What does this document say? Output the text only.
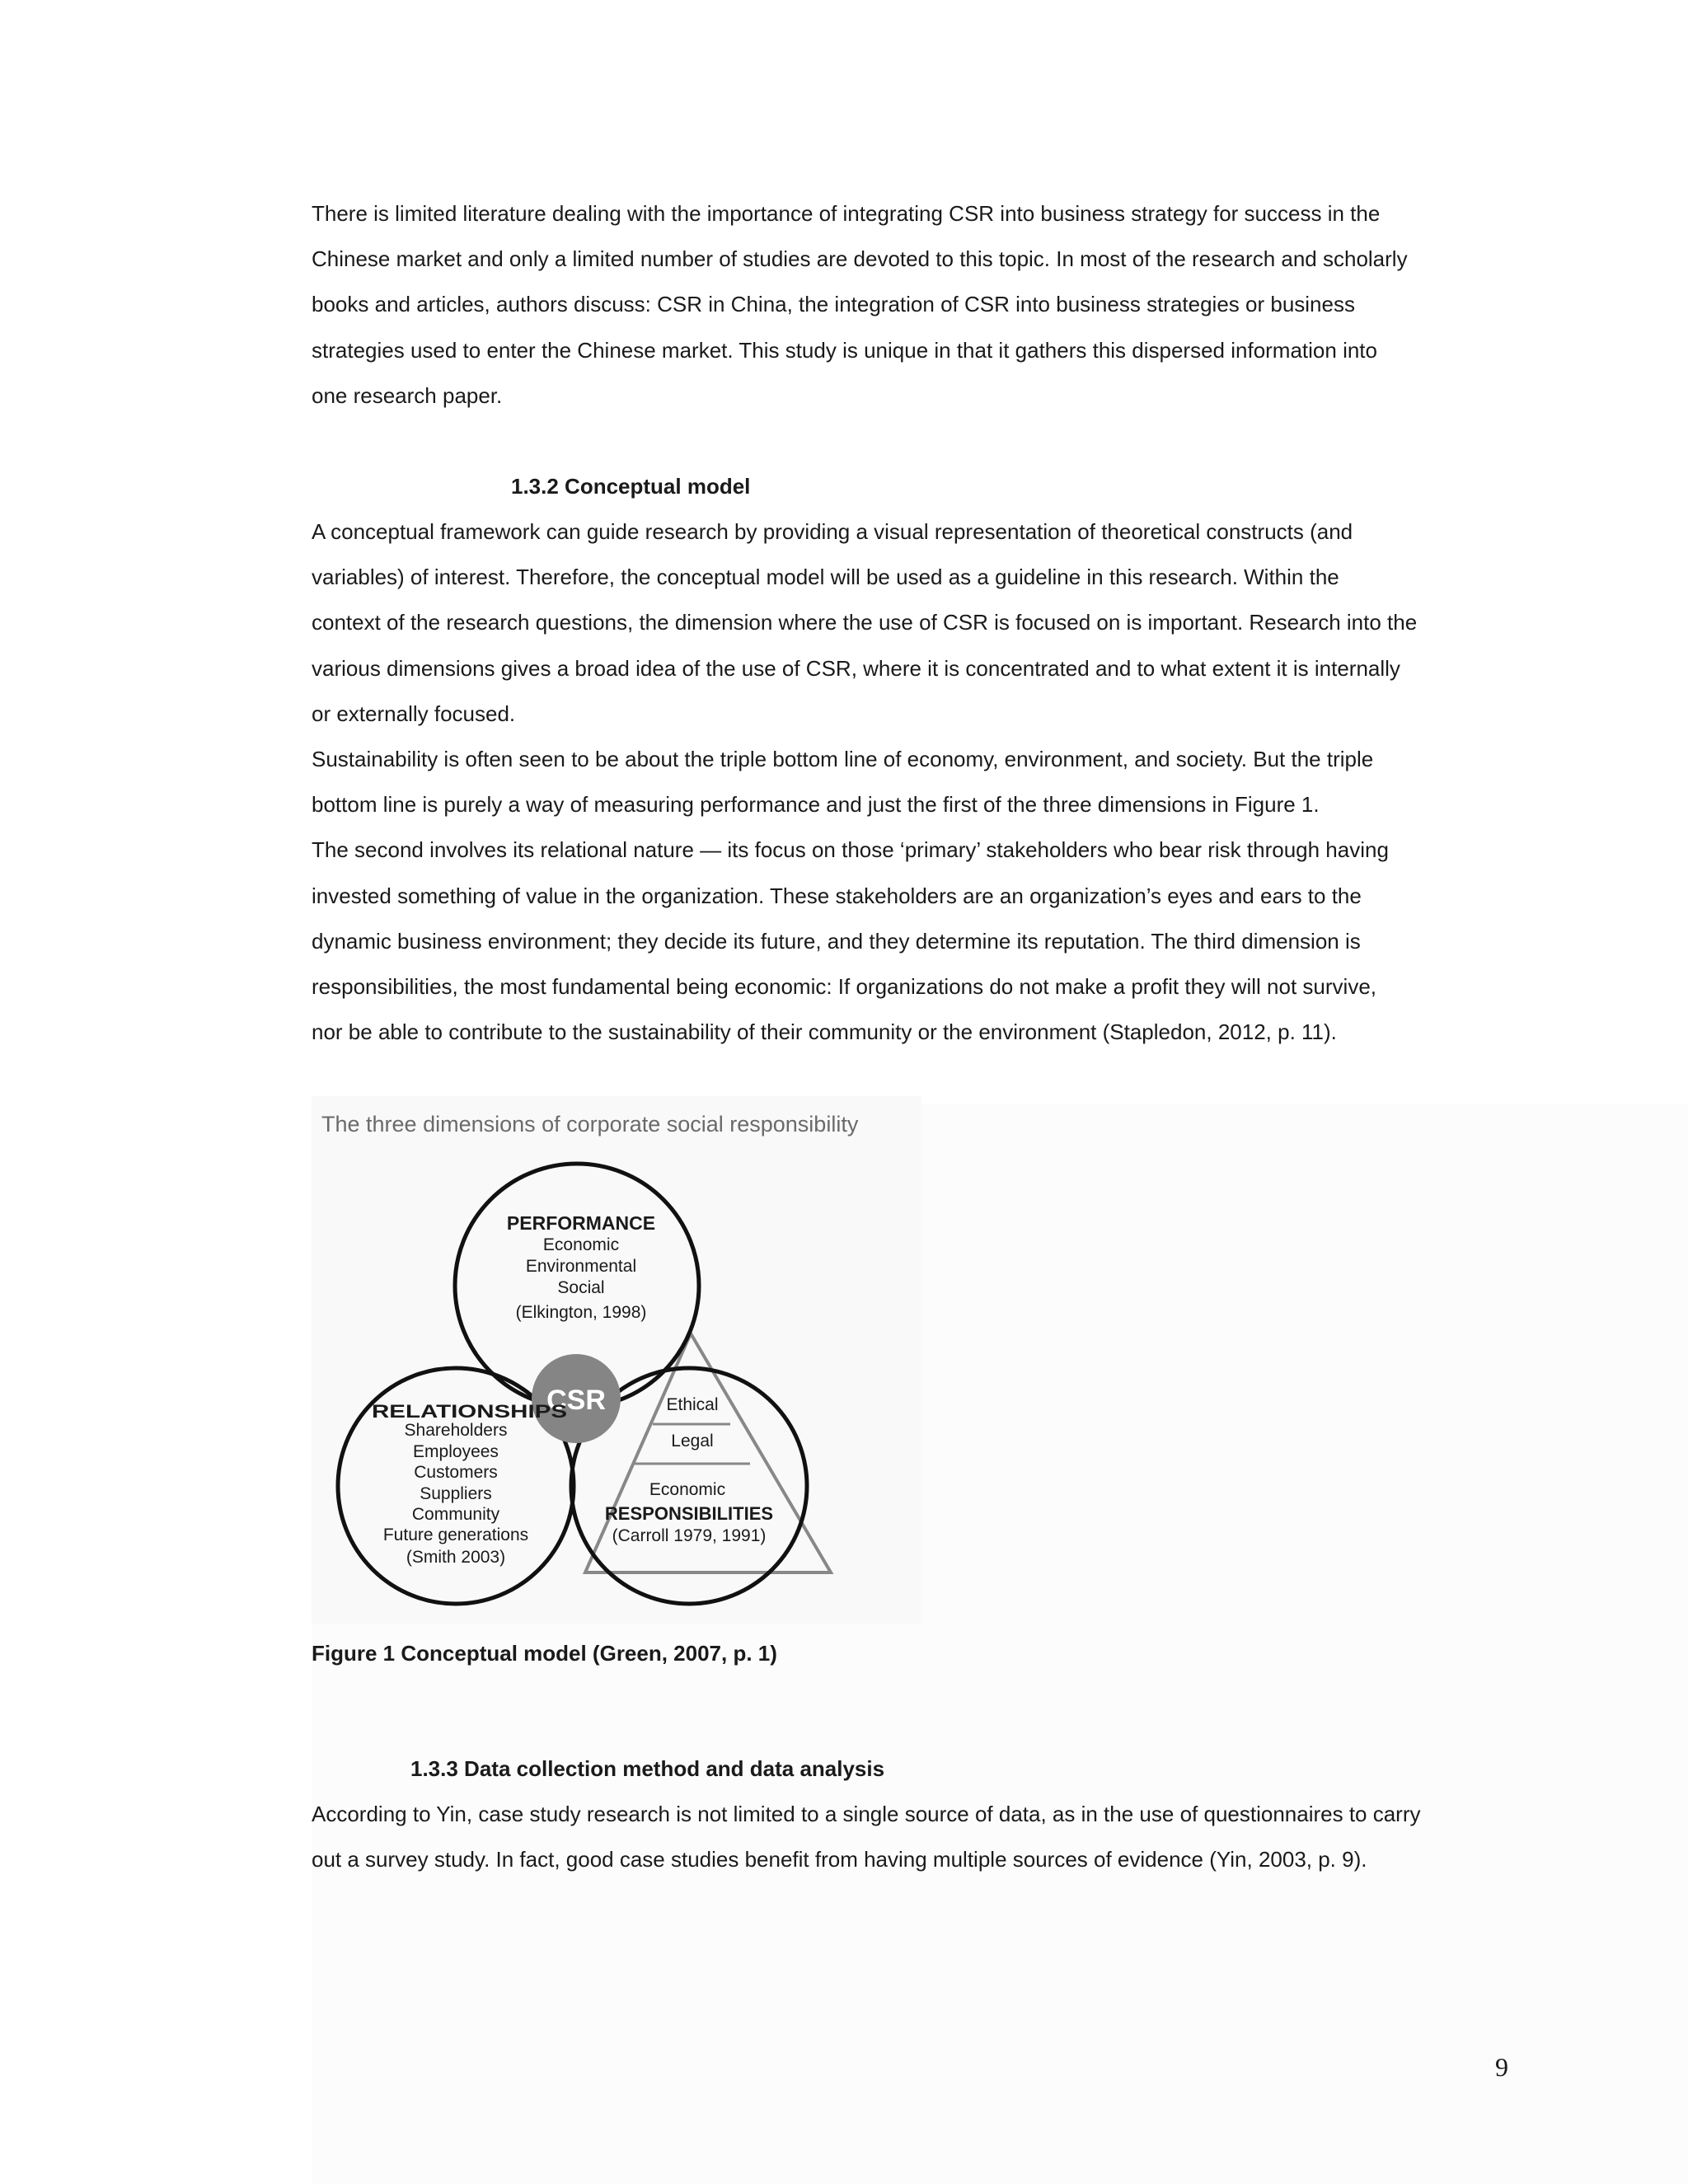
There is limited literature dealing with the importance of integrating CSR into business strategy for success in the

Chinese market and only a limited number of studies are devoted to this topic. In most of the research and scholarly

books and articles, authors discuss: CSR in China, the integration of CSR into business strategies or business

strategies used to enter the Chinese market. This study is unique in that it gathers this dispersed information into

one research paper.

1.3.2 Conceptual model

A conceptual framework can guide research by providing a visual representation of theoretical constructs (and

variables) of interest. Therefore, the conceptual model will be used as a guideline in this research. Within the

context of the research questions, the dimension where the use of CSR is focused on is important. Research into the

various dimensions gives a broad idea of the use of CSR, where it is concentrated and to what extent it is internally

or externally focused.

Sustainability is often seen to be about the triple bottom line of economy, environment, and society. But the triple

bottom line is purely a way of measuring performance and just the first of the three dimensions in Figure 1.

The second involves its relational nature — its focus on those ‘primary’ stakeholders who bear risk through having

invested something of value in the organization. These stakeholders are an organization’s eyes and ears to the

dynamic business environment; they decide its future, and they determine its reputation. The third dimension is

responsibilities, the most fundamental being economic: If organizations do not make a profit they will not survive,

nor be able to contribute to the sustainability of their community or the environment (Stapledon, 2012, p. 11).

The three dimensions of corporate social responsibility
CSR
PERFORMANCE
Economic
Environmental
Social
(Elkington, 1998)
RELATIONSHIPS
Shareholders
Employees
Customers
Suppliers
Community
Future generations
(Smith 2003)
Ethical
Legal
Economic
RESPONSIBILITIES
(Carroll 1979, 1991)
Figure 1 Conceptual model (Green, 2007, p. 1)
1.3.3 Data collection method and data analysis

According to Yin, case study research is not limited to a single source of data, as in the use of questionnaires to carry

out a survey study. In fact, good case studies benefit from having multiple sources of evidence (Yin, 2003, p. 9).

9
